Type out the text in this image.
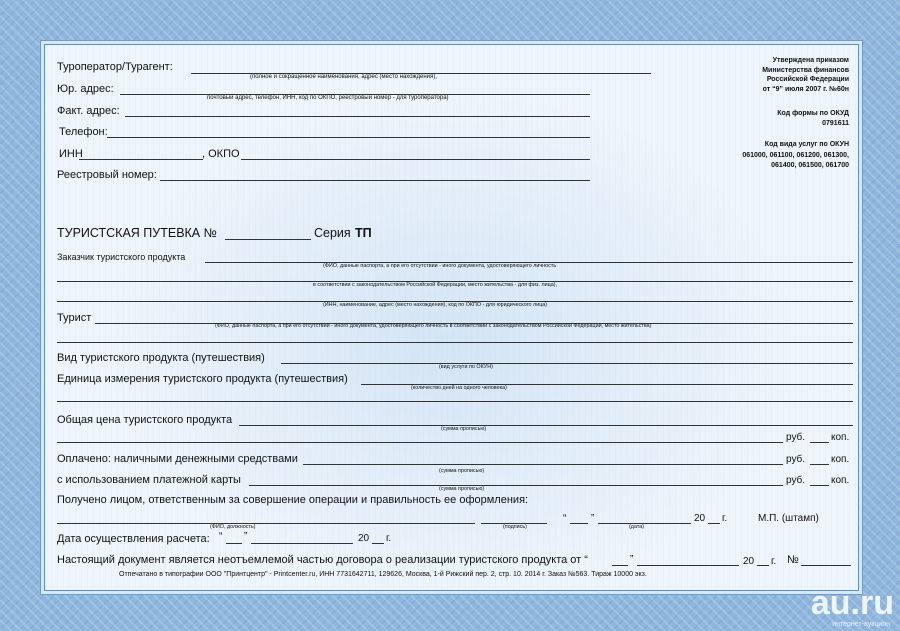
Туроператор/Турагент:
(полное и сокращенное наименования, адрес (место нахождения),
Юр. адрес:
почтовый адрес, телефон, ИНН, код по ОКПО, реестровый номер - для туроператора)
Факт. адрес:
Телефон:
ИНН	, ОКПО
Реестровый номер:
Утверждена приказом
Министерства финансов
Российской Федерации
от “9” июля 2007 г. №60н
Код формы по ОКУД
0791611
Код вида услуг по ОКУН
061000, 061100, 061200, 061300,
061400, 061500, 061700
ТУРИСТСКАЯ ПУТЕВКА №	Серия ТП
Заказчик туристского продукта
(ФИО, данные паспорта, а при его отсутствии - иного документа, удостоверяющего личность
в соответствии с законодательством Российской Федерации, место жительства - для физ. лица),
(ИНН, наименование, адрес (место нахождения), код по ОКПО - для юридического лица)
Турист
(ФИО, данные паспорта, а при его отсутствии - иного документа, удостоверяющего личность в соответствии с законодательством Российской Федерации, место жительства)
Вид туристского продукта (путешествия)
(вид услуги по ОКУН)
Единица измерения туристского продукта (путешествия)
(количество дней на одного человека)
Общая цена туристского продукта
(сумма прописью)
руб.	коп.
Оплачено: наличными денежными средствами	руб.	коп.
(сумма прописью)
с использованием платежной карты	руб.	коп.
(сумма прописью)
Получено лицом, ответственным за совершение операции и правильность ее оформления:
(ФИО, должность)	(подпись)
“ ”
(дата)
20 г.	М.П. (штамп)
Дата осуществления расчета: “ ”	20 г.
Настоящий документ является неотъемлемой частью договора о реализации туристского продукта от “	”	20 г. №
Отпечатано в типографии ООО "Принтцентр" - Printcenter.ru, ИНН 7731642711, 129626, Москва, 1-й Рижский пер. 2, стр. 10. 2014 г. Заказ №563. Тираж 10000 экз.
au.ru
интернет-аукцион
